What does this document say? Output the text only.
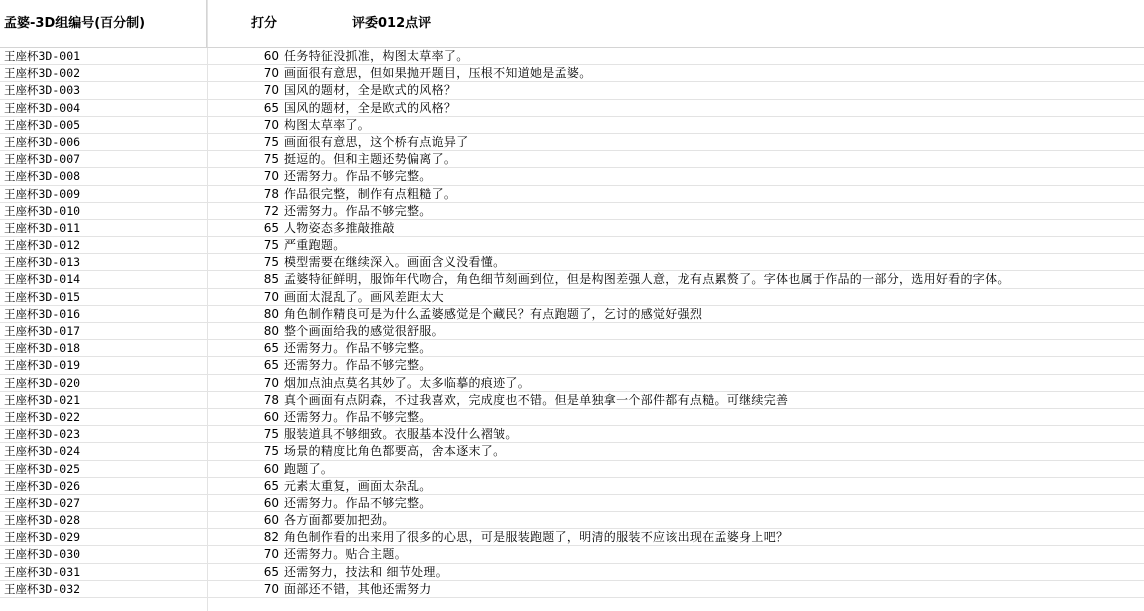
孟婆-3D组编号(百分制)	打分	评委012点评
王座杯3D-001	60 任务特征没抓准，构图太草率了。
王座杯3D-002	70 画面很有意思，但如果抛开题目，压根不知道她是孟婆。
王座杯3D-003	70 国风的题材，全是欧式的风格？
王座杯3D-004	65 国风的题材，全是欧式的风格？
王座杯3D-005	70 构图太草率了。
王座杯3D-006	75 画面很有意思，这个桥有点诡异了
王座杯3D-007	75 挺逗的。但和主题还势偏离了。
王座杯3D-008	70 还需努力。作品不够完整。
王座杯3D-009	78 作品很完整，制作有点粗糙了。
王座杯3D-010	72 还需努力。作品不够完整。
王座杯3D-011	65 人物姿态多推敲推敲
王座杯3D-012	75 严重跑题。
王座杯3D-013	75 模型需要在继续深入。画面含义没看懂。
王座杯3D-014	85 孟婆特征鲜明，服饰年代吻合，角色细节刻画到位，但是构图差强人意，龙有点累赘了。字体也属于作品的一部分，选用好看的字体。
王座杯3D-015	70 画面太混乱了。画风差距太大
王座杯3D-016	80 角色制作精良可是为什么孟婆感觉是个藏民？有点跑题了，乞讨的感觉好强烈
王座杯3D-017	80 整个画面给我的感觉很舒服。
王座杯3D-018	65 还需努力。作品不够完整。
王座杯3D-019	65 还需努力。作品不够完整。
王座杯3D-020	70 烟加点油点莫名其妙了。太多临摹的痕迹了。
王座杯3D-021	78 真个画面有点阴森，不过我喜欢，完成度也不错。但是单独拿一个部件都有点糙。可继续完善
王座杯3D-022	60 还需努力。作品不够完整。
王座杯3D-023	75 服装道具不够细致。衣服基本没什么褶皱。
王座杯3D-024	75 场景的精度比角色都要高，舍本逐末了。
王座杯3D-025	60 跑题了。
王座杯3D-026	65 元素太重复，画面太杂乱。
王座杯3D-027	60 还需努力。作品不够完整。
王座杯3D-028	60 各方面都要加把劲。
王座杯3D-029	82 角色制作看的出来用了很多的心思，可是服装跑题了，明清的服装不应该出现在孟婆身上吧？
王座杯3D-030	70 还需努力。贴合主题。
王座杯3D-031	65 还需努力，技法和 细节处理。
王座杯3D-032	70 面部还不错，其他还需努力
